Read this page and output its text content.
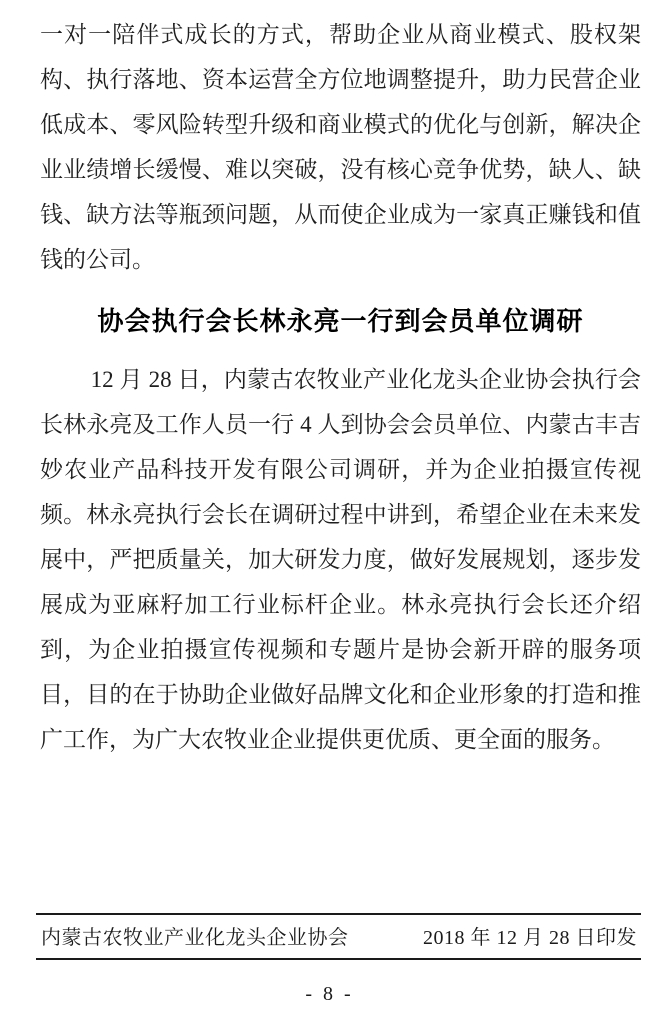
一对一陪伴式成长的方式，帮助企业从商业模式、股权架构、执行落地、资本运营全方位地调整提升，助力民营企业低成本、零风险转型升级和商业模式的优化与创新，解决企业业绩增长缓慢、难以突破，没有核心竞争优势，缺人、缺钱、缺方法等瓶颈问题，从而使企业成为一家真正赚钱和值钱的公司。

协会执行会长林永亮一行到会员单位调研

12 月 28 日，内蒙古农牧业产业化龙头企业协会执行会长林永亮及工作人员一行 4 人到协会会员单位、内蒙古丰吉妙农业产品科技开发有限公司调研，并为企业拍摄宣传视频。林永亮执行会长在调研过程中讲到，希望企业在未来发展中，严把质量关，加大研发力度，做好发展规划，逐步发展成为亚麻籽加工行业标杆企业。林永亮执行会长还介绍到，为企业拍摄宣传视频和专题片是协会新开辟的服务项目，目的在于协助企业做好品牌文化和企业形象的打造和推广工作，为广大农牧业企业提供更优质、更全面的服务。

内蒙古农牧业产业化龙头企业协会	2018 年 12 月 28 日印发
- 8 -
